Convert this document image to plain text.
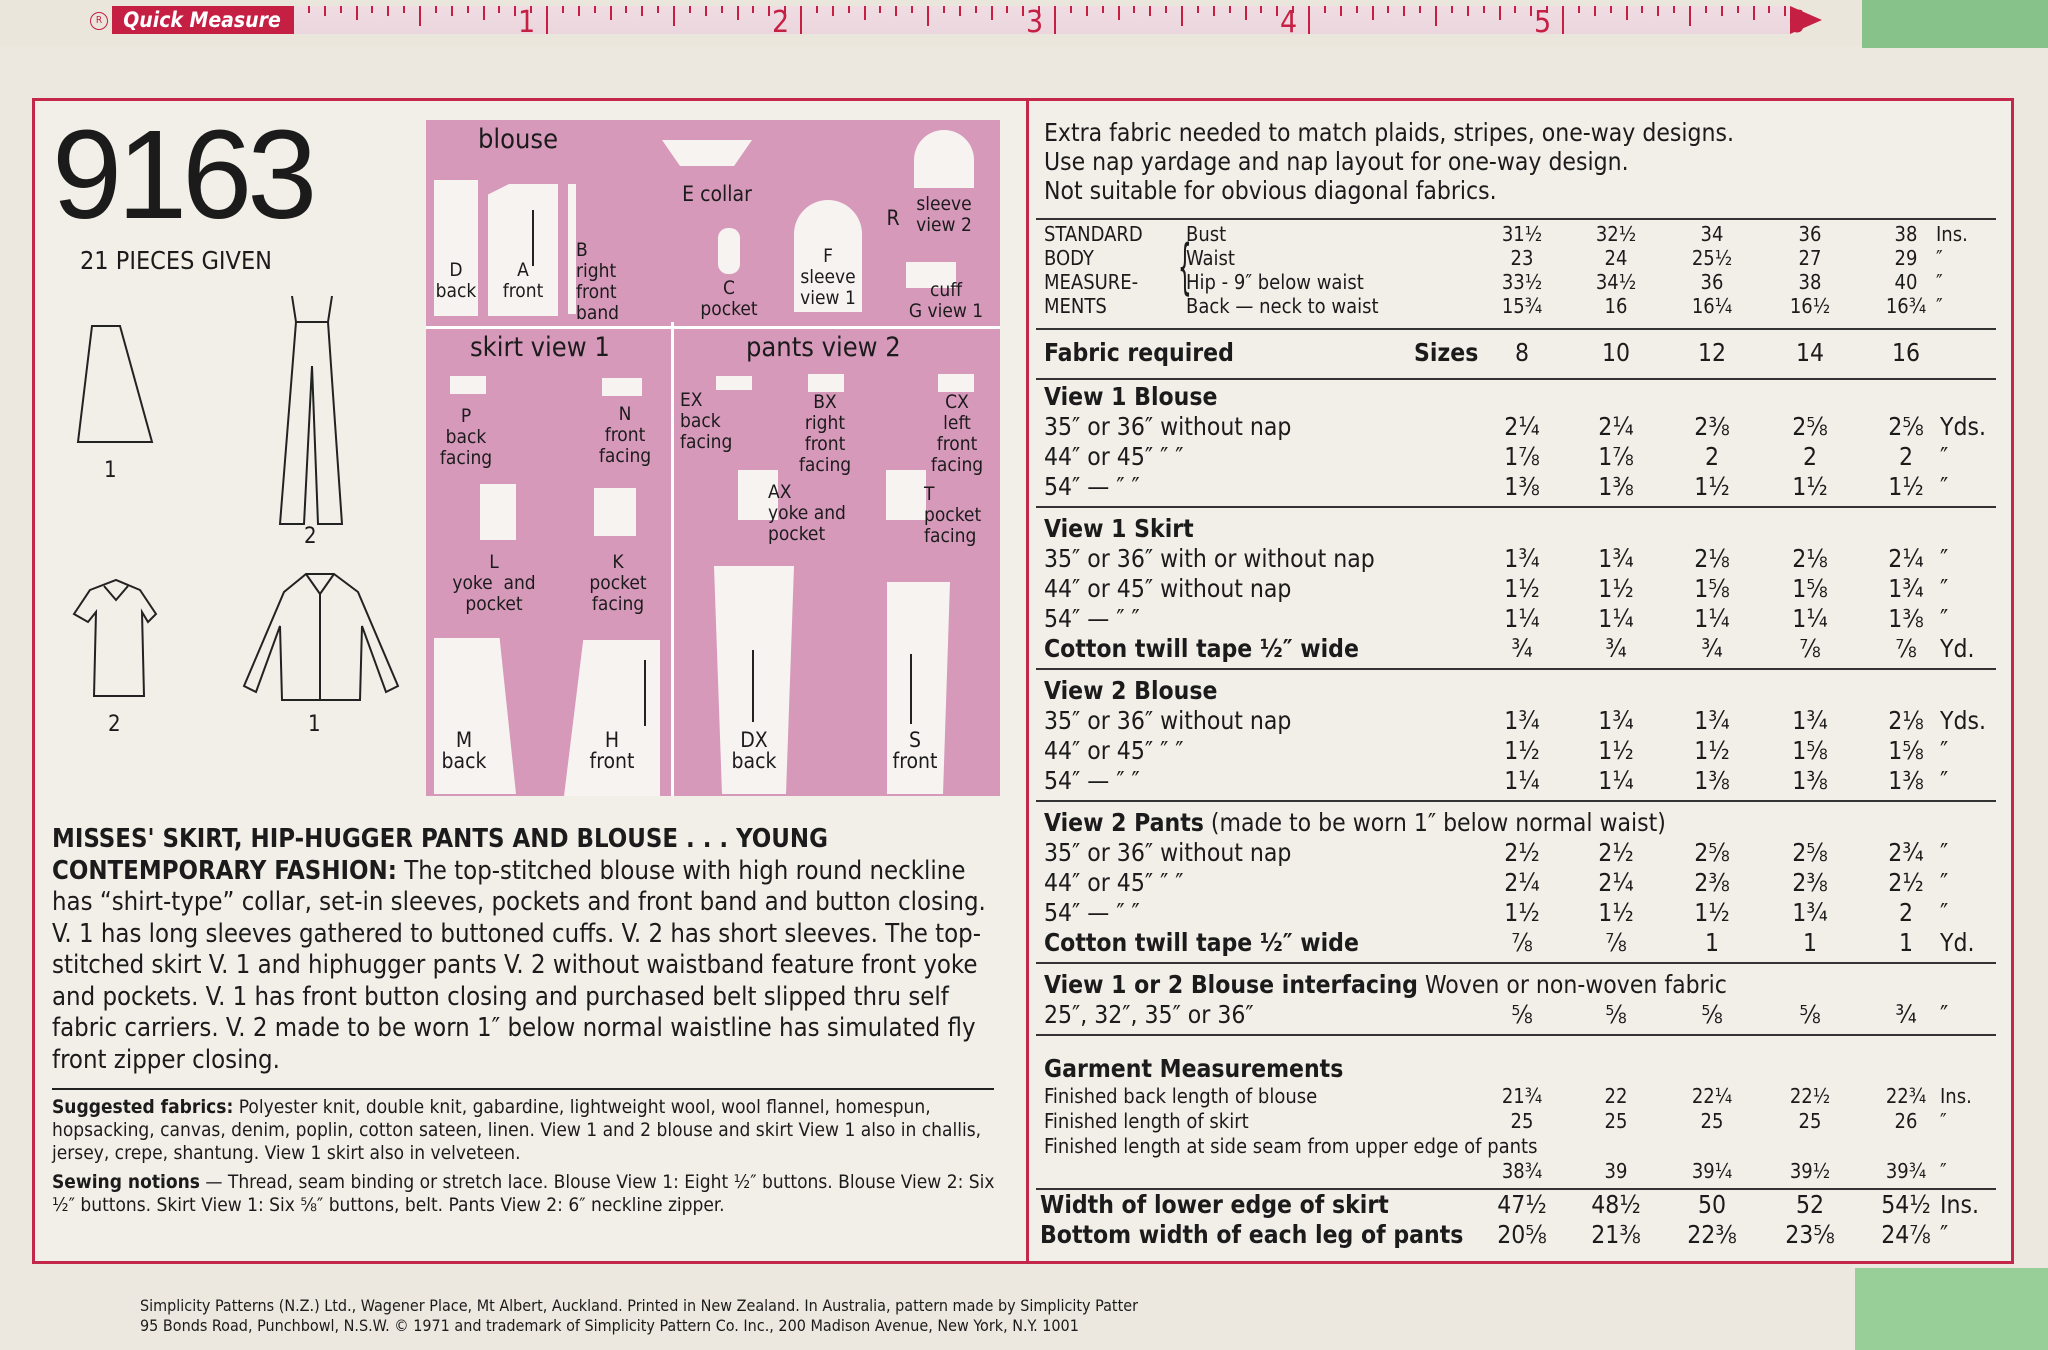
R	Quick Measure	1	2	3	4	5	6
9163
21 PIECES GIVEN
1
2
2	1
blouse
skirt view 1	pants view 2
D
back
A
front
B
right
front
band
E collar
C
pocket
F
sleeve
view 1
R
sleeve
view 2
cuff
G view 1
P
back
facing
N
front
facing
L
yoke  and
pocket
K
pocket
facing
M
back
H
front
EX
back
facing
BX
right
front
facing
CX
left
front
facing
AX
yoke and
pocket
T
pocket
facing
DX
back
S
front
MISSES' SKIRT, HIP-HUGGER PANTS AND BLOUSE . . . YOUNG CONTEMPORARY FASHION: The top-stitched blouse with high round neckline has “shirt-type” collar, set-in sleeves, pockets and front band and button closing. V. 1 has long sleeves gathered to buttoned cuffs. V. 2 has short sleeves. The top-stitched skirt V. 1 and hiphugger pants V. 2 without waistband feature front yoke and pockets. V. 1 has front button closing and purchased belt slipped thru self fabric carriers. V. 2 made to be worn 1″ below normal waistline has simulated fly front zipper closing.
Suggested fabrics: Polyester knit, double knit, gabardine, lightweight wool, wool flannel, homespun, hopsacking, canvas, denim, poplin, cotton sateen, linen. View 1 and 2 blouse and skirt View 1 also in challis, jersey, crepe, shantung. View 1 skirt also in velveteen.
Sewing notions — Thread, seam binding or stretch lace. Blouse View 1: Eight ½″ buttons. Blouse View 2: Six ½″ buttons. Skirt View 1: Six ⅝″ buttons, belt. Pants View 2: 6″ neckline zipper.
Extra fabric needed to match plaids, stripes, one-way designs.
Use nap yardage and nap layout for one-way design.
Not suitable for obvious diagonal fabrics.
STANDARD
BODY
MEASURE-
MENTS
{
Bust	31½	32½	34	36	38 Ins.
Waist	23	24	25½	27	29 ″
Hip - 9″ below waist	33½	34½	36	38	40 ″
Back — neck to waist	15¾	16	16¼	16½	16¾ ″
Fabric required	Sizes	8	10	12	14	16
View 1 Blouse
35″ or 36″ without nap	2¼	2¼	2⅜	2⅝	2⅝ Yds.
44″ or 45″ ″ ″	1⅞	1⅞	2	2	2	″
54″ — ″ ″	1⅜	1⅜	1½	1½	1½ ″
View 1 Skirt
35″ or 36″ with or without nap	1¾	1¾	2⅛	2⅛	2¼ ″
44″ or 45″ without nap	1½	1½	1⅝	1⅝	1¾ ″
54″ — ″ ″	1¼	1¼	1¼	1¼	1⅜ ″
Cotton twill tape ½″ wide	¾	¾	¾	⅞	⅞ Yd.
View 2 Blouse
35″ or 36″ without nap	1¾	1¾	1¾	1¾	2⅛ Yds.
44″ or 45″ ″ ″	1½	1½	1½	1⅝	1⅝ ″
54″ — ″ ″	1¼	1¼	1⅜	1⅜	1⅜ ″
View 2 Pants (made to be worn 1″ below normal waist)
35″ or 36″ without nap	2½	2½	2⅝	2⅝	2¾ ″
44″ or 45″ ″ ″	2¼	2¼	2⅜	2⅜	2½ ″
54″ — ″ ″	1½	1½	1½	1¾	2	″
Cotton twill tape ½″ wide	⅞	⅞	1	1	1	Yd.
View 1 or 2 Blouse interfacing Woven or non-woven fabric
25″, 32″, 35″ or 36″	⅝	⅝	⅝	⅝	¾ ″
Garment Measurements
Finished back length of blouse	21¾	22	22¼	22½	22¾ Ins.
Finished length of skirt	25	25	25	25	26	″
Finished length at side seam from upper edge of pants
38¾	39	39¼	39½	39¾ ″
Width of lower edge of skirt	47½	48½	50	52	54½ Ins.
Bottom width of each leg of pants	20⅝	21⅜	22⅜	23⅝	24⅞ ″
Simplicity Patterns (N.Z.) Ltd., Wagener Place, Mt Albert, Auckland. Printed in New Zealand. In Australia, pattern made by Simplicity Patter
95 Bonds Road, Punchbowl, N.S.W. © 1971 and trademark of Simplicity Pattern Co. Inc., 200 Madison Avenue, New York, N.Y. 1001
